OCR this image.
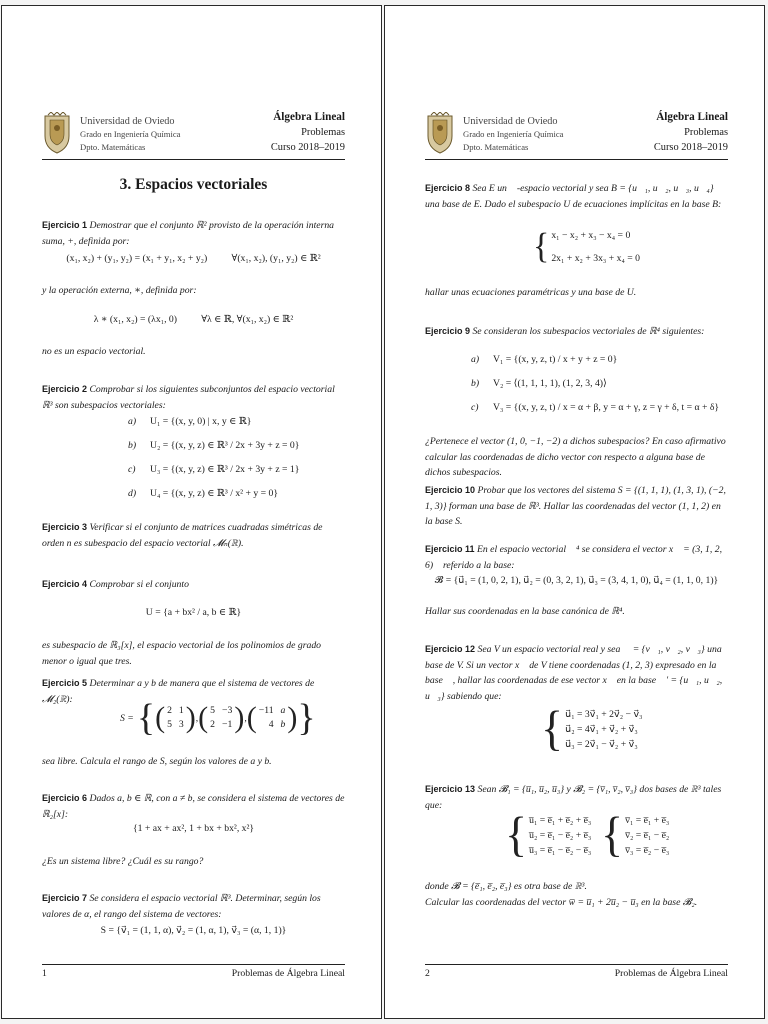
Universidad de Oviedo
Grado en Ingeniería Química
Dpto. Matemáticas
Álgebra Lineal
Problemas
Curso 2018–2019
3. Espacios vectoriales
Ejercicio 1 Demostrar que el conjunto ℝ² provisto de la operación interna suma, +, definida por:
(x₁, x₂) + (y₁, y₂) = (x₁ + y₁, x₂ + y₂)          ∀(x₁, x₂), (y₁, y₂) ∈ ℝ²
y la operación externa, ∗, definida por:
λ ∗ (x₁, x₂) = (λx₁, 0)          ∀λ ∈ ℝ, ∀(x₁, x₂) ∈ ℝ²
no es un espacio vectorial.
Ejercicio 2 Comprobar si los siguientes subconjuntos del espacio vectorial ℝ³ son subespacios vectoriales:
a)	U₁ = {(x, y, 0) | x, y ∈ ℝ}
b)	U₂ = {(x, y, z) ∈ ℝ³ / 2x + 3y + z = 0}
c)	U₃ = {(x, y, z) ∈ ℝ³ / 2x + 3y + z = 1}
d)	U₄ = {(x, y, z) ∈ ℝ³ / x² + y = 0}
Ejercicio 3 Verificar si el conjunto de matrices cuadradas simétricas de orden n es subespacio del espacio vectorial 𝓜ₙ(ℝ).
Ejercicio 4 Comprobar si el conjunto
U = {a + bx² / a, b ∈ ℝ}
es subespacio de ℝ₃[x], el espacio vectorial de los polinomios de grado menor o igual que tres.
Ejercicio 5 Determinar a y b de manera que el sistema de vectores de 𝓜₂(ℝ):
S = { ( 2 1
5 3 ) , ( 5 −3
2 −1 ) , ( −11 a
4 b ) }
sea libre. Calcula el rango de S, según los valores de a y b.
Ejercicio 6 Dados a, b ∈ ℝ, con a ≠ b, se considera el sistema de vectores de ℝ₂[x]:
{1 + ax + ax², 1 + bx + bx², x²}
¿Es un sistema libre? ¿Cuál es su rango?
Ejercicio 7 Se considera el espacio vectorial ℝ³. Determinar, según los valores de α, el rango del sistema de vectores:
S = {v⃗₁ = (1, 1, α), v⃗₂ = (1, α, 1), v⃗₃ = (α, 1, 1)}
1	Problemas de Álgebra Lineal
Universidad de Oviedo
Grado en Ingeniería Química
Dpto. Matemáticas
Álgebra Lineal
Problemas
Curso 2018–2019
Ejercicio 8 Sea E un 𝕂-espacio vectorial y sea B = {u⃗₁, u⃗₂, u⃗₃, u⃗₄} una base de E. Dado el subespacio U de ecuaciones implícitas en la base B:
{ x₁ − x₂ + x₃ − x₄ = 0
2x₁ + x₂ + 3x₃ + x₄ = 0
hallar unas ecuaciones paramétricas y una base de U.
Ejercicio 9 Se consideran los subespacios vectoriales de ℝ⁴ siguientes:
a)	V₁ = {(x, y, z, t) / x + y + z = 0}
b)	V₂ = ⟨(1, 1, 1, 1), (1, 2, 3, 4)⟩
c)	V₃ = {(x, y, z, t) / x = α + β, y = α + γ, z = γ + δ, t = α + δ}
¿Pertenece el vector (1, 0, −1, −2) a dichos subespacios? En caso afirmativo calcular las coordenadas de dicho vector con respecto a alguna base de dichos subespacios.
Ejercicio 10 Probar que los vectores del sistema S = {(1, 1, 1), (1, 3, 1), (−2, 1, 3)} forman una base de ℝ³. Hallar las coordenadas del vector (1, 1, 2) en la base S.
Ejercicio 11 En el espacio vectorial ℝ⁴ se considera el vector x⃗ = (3, 1, 2, 6)𝓑 referido a la base:
𝓑 = {u⃗₁ = (1, 0, 2, 1), u⃗₂ = (0, 3, 2, 1), u⃗₃ = (3, 4, 1, 0), u⃗₄ = (1, 1, 0, 1)}
Hallar sus coordenadas en la base canónica de ℝ⁴.
Ejercicio 12 Sea V un espacio vectorial real y sea 𝓑 = {v⃗₁, v⃗₂, v⃗₃} una base de V. Si un vector x⃗ de V tiene coordenadas (1, 2, 3) expresado en la base 𝓑, hallar las coordenadas de ese vector x⃗ en la base 𝓑′ = {u⃗₁, u⃗₂, u⃗₃} sabiendo que:
{ u⃗₁ = 3v⃗₁ + 2v⃗₂ − v⃗₃
u⃗₂ = 4v⃗₁ + v⃗₂ + v⃗₃
u⃗₃ = 2v⃗₁ − v⃗₂ + v⃗₃
Ejercicio 13 Sean 𝓑₁ = {u̅₁, u̅₂, u̅₃} y 𝓑₂ = {v̅₁, v̅₂, v̅₃} dos bases de ℝ³ tales que:
{ u̅₁ = e̅₁ + e̅₂ + e̅₃
u̅₂ = e̅₁ − e̅₂ + e̅₃
u̅₃ = e̅₁ − e̅₂ − e̅₃ { v̅₁ = e̅₁ + e̅₃
v̅₂ = e̅₁ − e̅₂
v̅₃ = e̅₂ − e̅₃
donde 𝓑 = {e̅₁, e̅₂, e̅₃} es otra base de ℝ³.
Calcular las coordenadas del vector w̅ = u̅₁ + 2u̅₂ − u̅₃ en la base 𝓑₂.
2	Problemas de Álgebra Lineal
